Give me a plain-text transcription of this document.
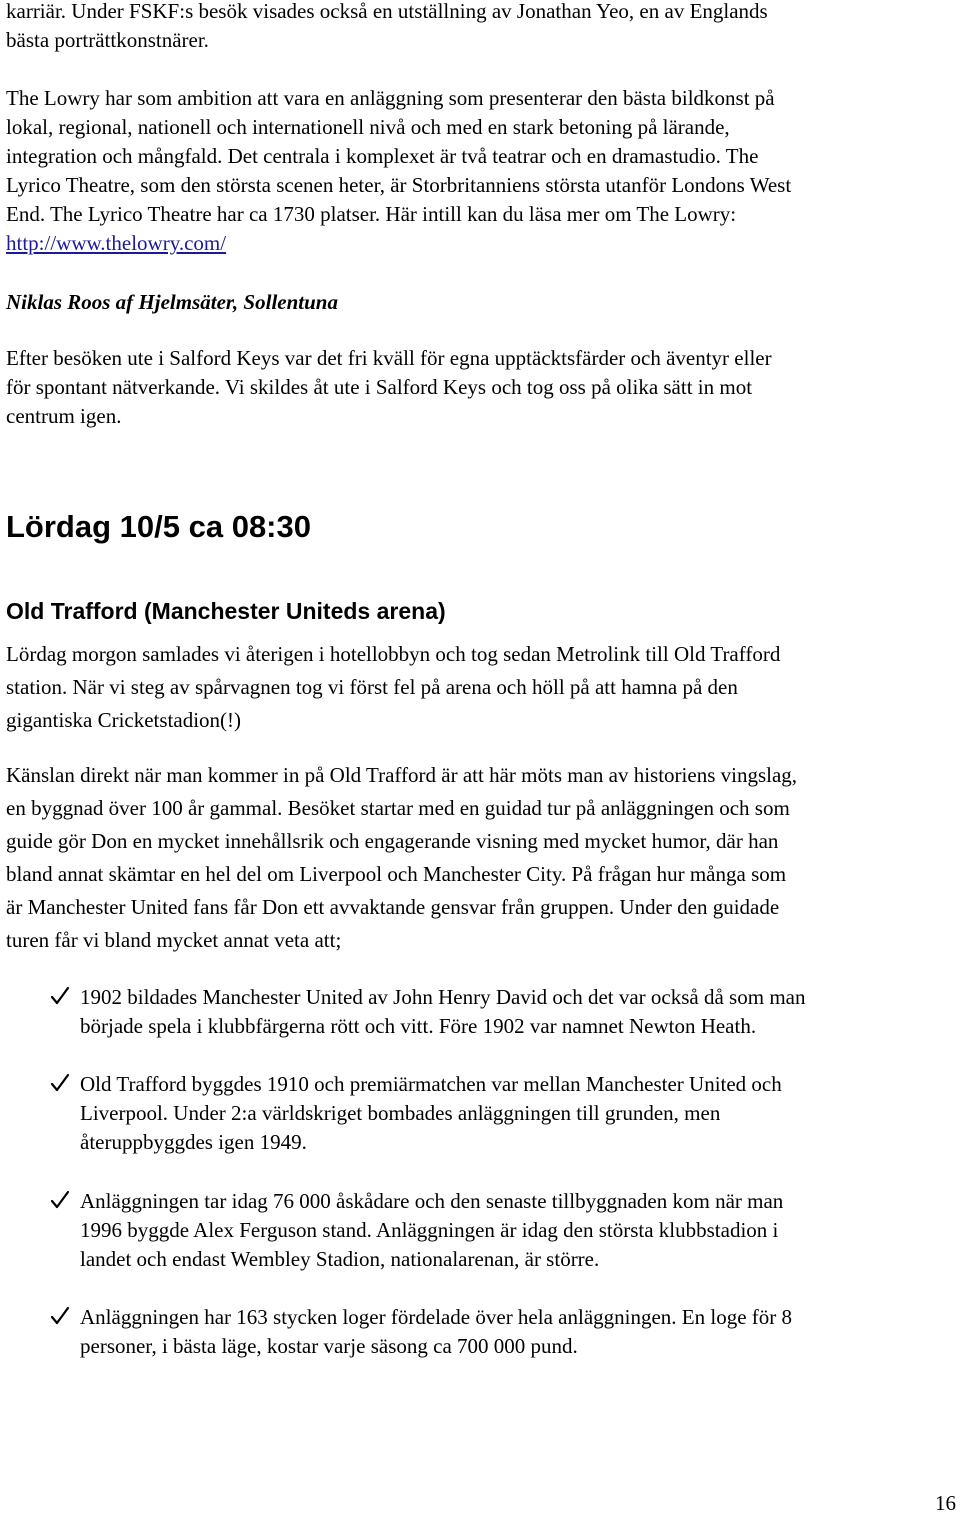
karriär. Under FSKF:s besök visades också en utställning av Jonathan Yeo, en av Englands
bästa porträttkonstnärer.
The Lowry har som ambition att vara en anläggning som presenterar den bästa bildkonst på
lokal, regional, nationell och internationell nivå och med en stark betoning på lärande,
integration och mångfald. Det centrala i komplexet är två teatrar och en dramastudio. The
Lyrico Theatre, som den största scenen heter, är Storbritanniens största utanför Londons West
End. The Lyrico Theatre har ca 1730 platser. Här intill kan du läsa mer om The Lowry:
http://www.thelowry.com/
Niklas Roos af Hjelmsäter, Sollentuna
Efter besöken ute i Salford Keys var det fri kväll för egna upptäcktsfärder och äventyr eller
för spontant nätverkande. Vi skildes åt ute i Salford Keys och tog oss på olika sätt in mot
centrum igen.
Lördag 10/5 ca 08:30
Old Trafford (Manchester Uniteds arena)
Lördag morgon samlades vi återigen i hotellobbyn och tog sedan Metrolink till Old Trafford
station. När vi steg av spårvagnen tog vi först fel på arena och höll på att hamna på den
gigantiska Cricketstadion(!)
Känslan direkt när man kommer in på Old Trafford är att här möts man av historiens vingslag,
en byggnad över 100 år gammal. Besöket startar med en guidad tur på anläggningen och som
guide gör Don en mycket innehållsrik och engagerande visning med mycket humor, där han
bland annat skämtar en hel del om Liverpool och Manchester City. På frågan hur många som
är Manchester United fans får Don ett avvaktande gensvar från gruppen. Under den guidade
turen får vi bland mycket annat veta att;
1902 bildades Manchester United av John Henry David och det var också då som man
började spela i klubbfärgerna rött och vitt. Före 1902 var namnet Newton Heath.
Old Trafford byggdes 1910 och premiärmatchen var mellan Manchester United och
Liverpool. Under 2:a världskriget bombades anläggningen till grunden, men
återuppbyggdes igen 1949.
Anläggningen tar idag 76 000 åskådare och den senaste tillbyggnaden kom när man
1996 byggde Alex Ferguson stand. Anläggningen är idag den största klubbstadion i
landet och endast Wembley Stadion, nationalarenan, är större.
Anläggningen har 163 stycken loger fördelade över hela anläggningen. En loge för 8
personer, i bästa läge, kostar varje säsong ca 700 000 pund.
16
